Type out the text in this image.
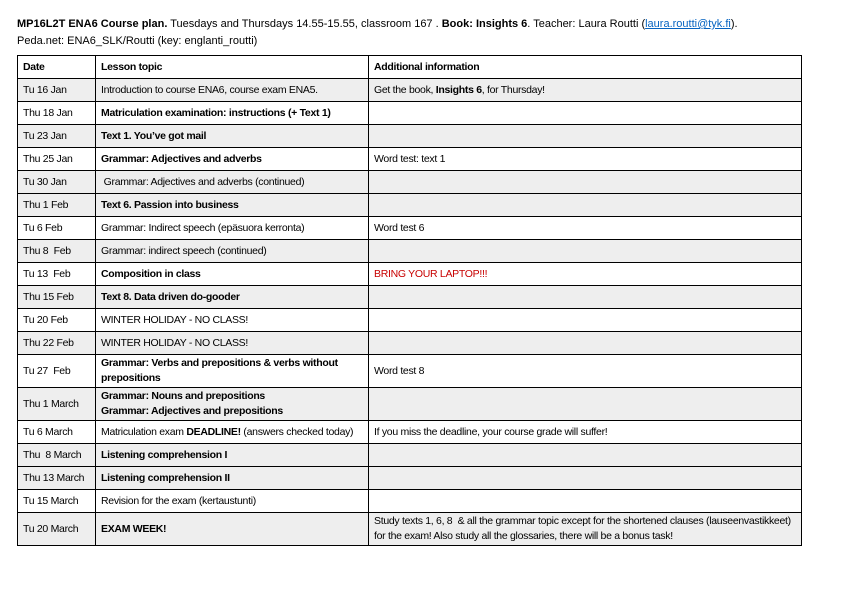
MP16L2T ENA6 Course plan. Tuesdays and Thursdays 14.55-15.55, classroom 167 . Book: Insights 6. Teacher: Laura Routti (laura.routti@tyk.fi).

Peda.net: ENA6_SLK/Routti (key: englanti_routti)

Date	Lesson topic	Additional information
Tu 16 Jan	Introduction to course ENA6, course exam ENA5.	Get the book, Insights 6, for Thursday!
Thu 18 Jan	Matriculation examination: instructions (+ Text 1)	
Tu 23 Jan	Text 1. You’ve got mail	
Thu 25 Jan	Grammar: Adjectives and adverbs	Word test: text 1
Tu 30 Jan	Grammar: Adjectives and adverbs (continued)	
Thu 1 Feb	Text 6. Passion into business	
Tu 6 Feb	Grammar: Indirect speech (epäsuora kerronta)	Word test 6
Thu 8  Feb	Grammar: indirect speech (continued)	
Tu 13  Feb	Composition in class	BRING YOUR LAPTOP!!!
Thu 15 Feb	Text 8. Data driven do-gooder	
Tu 20 Feb	WINTER HOLIDAY - NO CLASS!	
Thu 22 Feb	WINTER HOLIDAY - NO CLASS!	
Tu 27  Feb	Grammar: Verbs and prepositions & verbs without prepositions	Word test 8
Thu 1 March	Grammar: Nouns and prepositions
Grammar: Adjectives and prepositions	
Tu 6 March	Matriculation exam DEADLINE! (answers checked today)	If you miss the deadline, your course grade will suffer!
Thu  8 March	Listening comprehension I	
Thu 13 March	Listening comprehension II	
Tu 15 March	Revision for the exam (kertaustunti)	
Tu 20 March	EXAM WEEK!	Study texts 1, 6, 8  & all the grammar topic except for the shortened clauses (lauseenvastikkeet) for the exam! Also study all the glossaries, there will be a bonus task!
